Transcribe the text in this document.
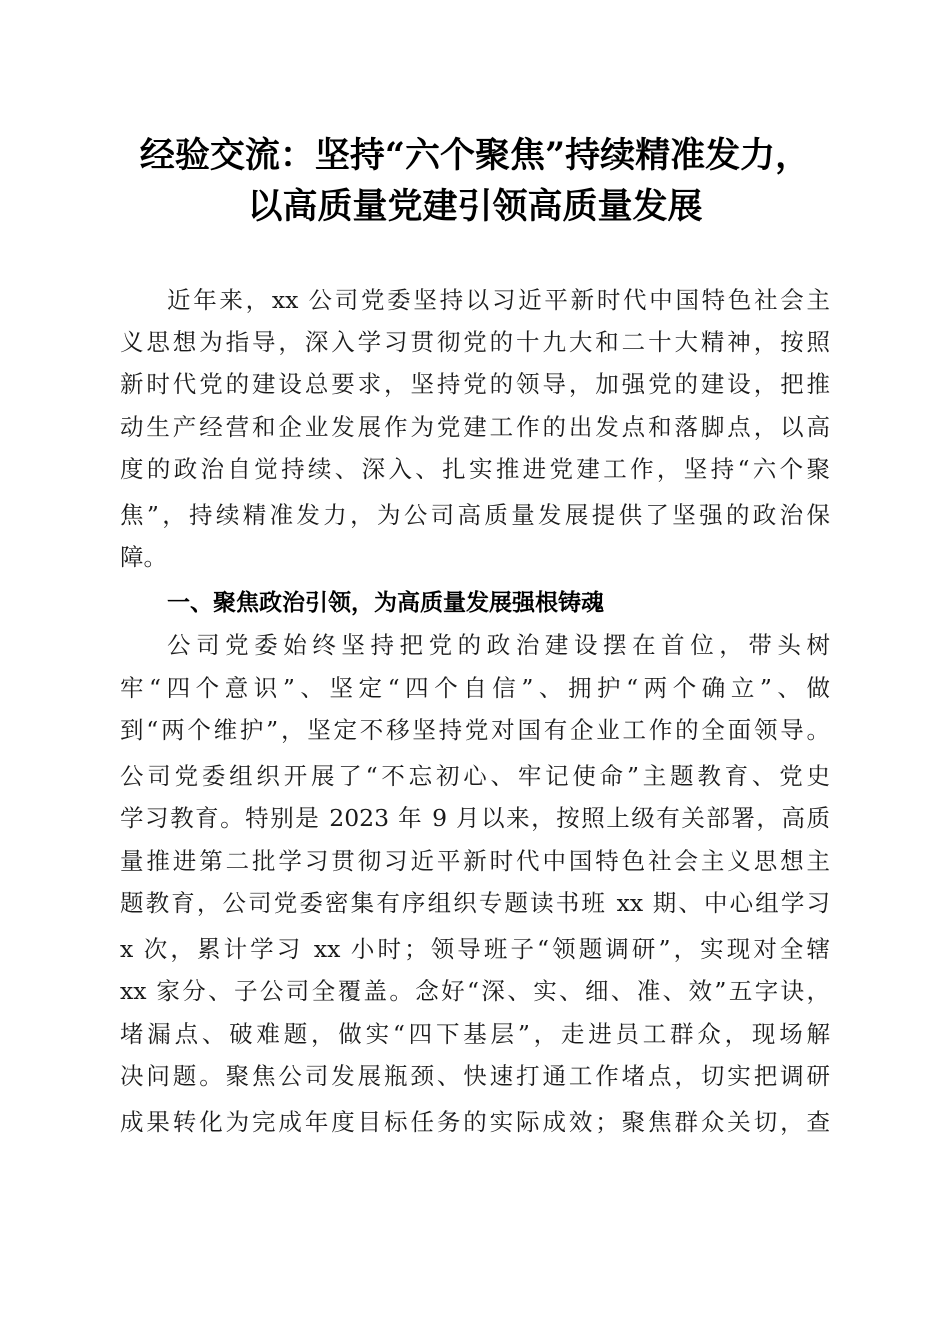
经验交流：坚持“六个聚焦”持续精准发力，
以高质量党建引领高质量发展
近年来，xx 公司党委坚持以习近平新时代中国特色社会主
义思想为指导，深入学习贯彻党的十九大和二十大精神，按照
新时代党的建设总要求，坚持党的领导，加强党的建设，把推
动生产经营和企业发展作为党建工作的出发点和落脚点，以高
度的政治自觉持续、深入、扎实推进党建工作，坚持“六个聚
焦”，持续精准发力，为公司高质量发展提供了坚强的政治保
障。
一、聚焦政治引领，为高质量发展强根铸魂
公司党委始终坚持把党的政治建设摆在首位，带头树
牢“四个意识”、坚定“四个自信”、拥护“两个确立”、做
到“两个维护”，坚定不移坚持党对国有企业工作的全面领导。
公司党委组织开展了“不忘初心、牢记使命”主题教育、党史
学习教育。特别是 2023 年 9 月以来，按照上级有关部署，高质
量推进第二批学习贯彻习近平新时代中国特色社会主义思想主
题教育，公司党委密集有序组织专题读书班 xx 期、中心组学习
x 次，累计学习 xx 小时；领导班子“领题调研”，实现对全辖
xx 家分、子公司全覆盖。念好“深、实、细、准、效”五字诀，
堵漏点、破难题，做实“四下基层”，走进员工群众，现场解
决问题。聚焦公司发展瓶颈、快速打通工作堵点，切实把调研
成果转化为完成年度目标任务的实际成效；聚焦群众关切，查
